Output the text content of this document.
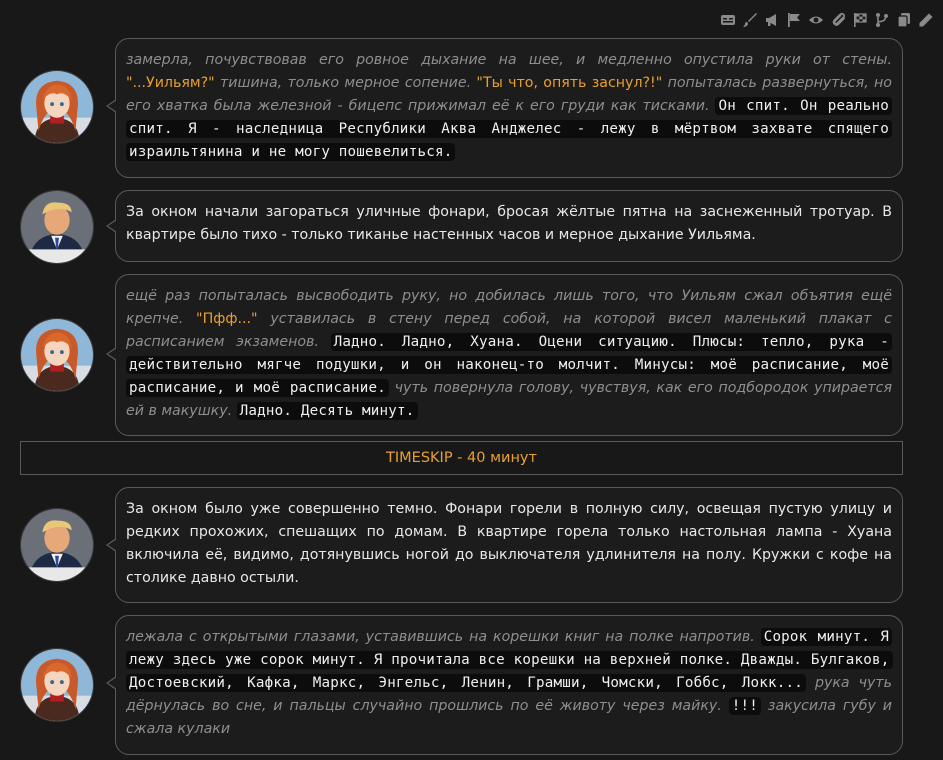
замерла, почувствовав его ровное дыхание на шее, и медленно опустила руки от стены. "...Уильям?" тишина, только мерное сопение. "Ты что, опять заснул?!" попыталась развернуться, но его хватка была железной - бицепс прижимал её к его груди как тисками. Он спит. Он реально спит. Я - наследница Республики Аква Анджелес - лежу в мёртвом захвате спящего израильтянина и не могу пошевелиться.
За окном начали загораться уличные фонари, бросая жёлтые пятна на заснеженный тротуар. В квартире было тихо - только тиканье настенных часов и мерное дыхание Уильяма.
ещё раз попыталась высвободить руку, но добилась лишь того, что Уильям сжал объятия ещё крепче. "Пфф..." уставилась в стену перед собой, на которой висел маленький плакат с расписанием экзаменов. Ладно. Ладно, Хуана. Оцени ситуацию. Плюсы: тепло, рука - действительно мягче подушки, и он наконец-то молчит. Минусы: моё расписание, моё расписание, и моё расписание. чуть повернула голову, чувствуя, как его подбородок упирается ей в макушку. Ладно. Десять минут.
TIMESKIP - 40 минут
За окном было уже совершенно темно. Фонари горели в полную силу, освещая пустую улицу и редких прохожих, спешащих по домам. В квартире горела только настольная лампа - Хуана включила её, видимо, дотянувшись ногой до выключателя удлинителя на полу. Кружки с кофе на столике давно остыли.
лежала с открытыми глазами, уставившись на корешки книг на полке напротив. Сорок минут. Я лежу здесь уже сорок минут. Я прочитала все корешки на верхней полке. Дважды. Булгаков, Достоевский, Кафка, Маркс, Энгельс, Ленин, Грамши, Чомски, Гоббс, Локк... рука чуть дёрнулась во сне, и пальцы случайно прошлись по её животу через майку. !!! закусила губу и сжала кулаки
